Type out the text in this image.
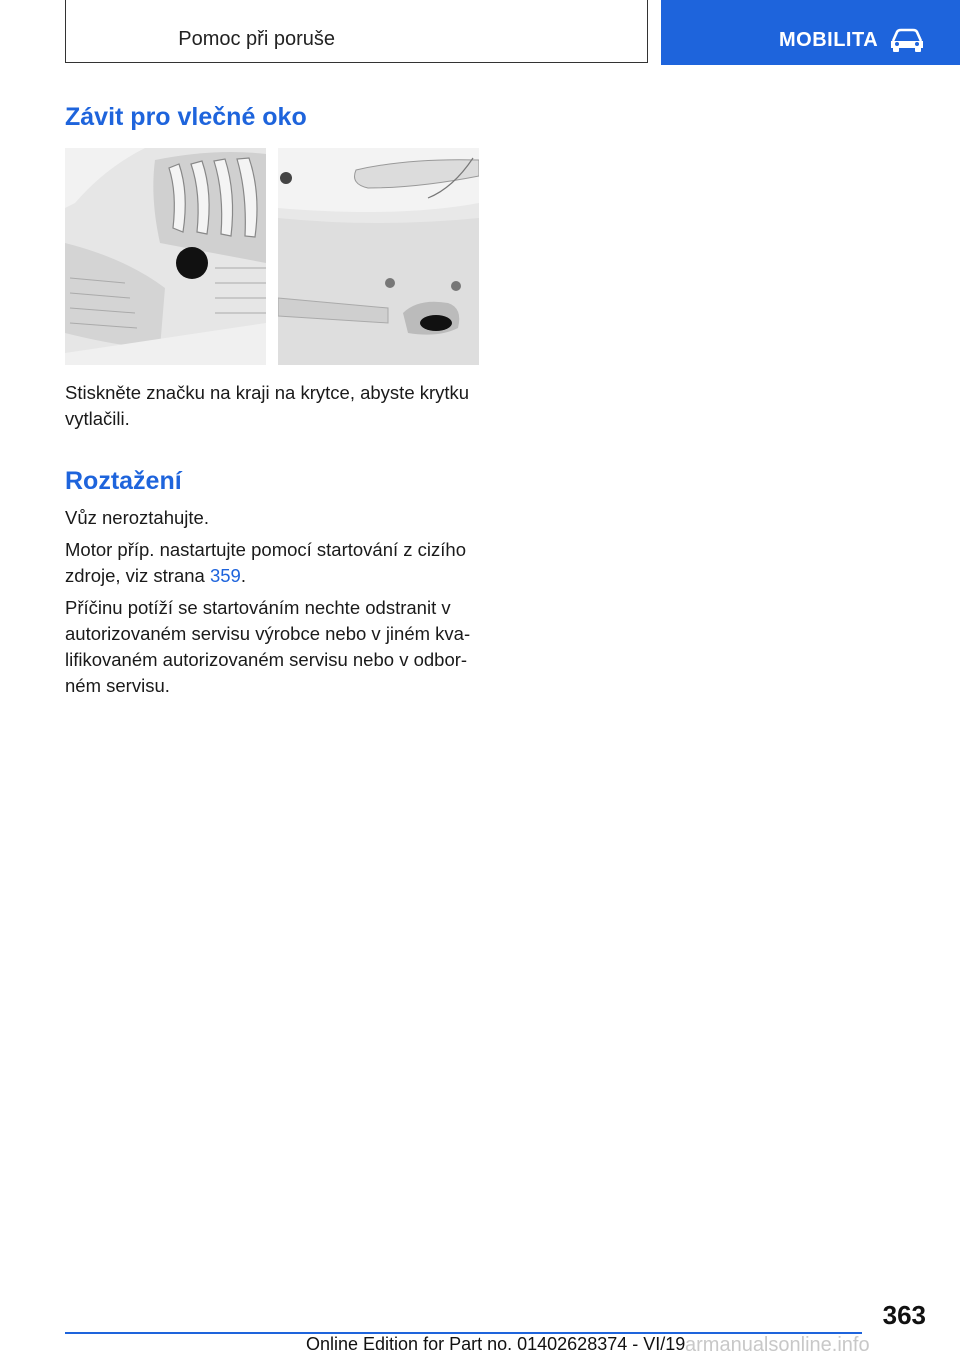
Pomoc při poruše	MOBILITA
Závit pro vlečné oko

Stiskněte značku na kraji na krytce, abyste krytku vytlačili.

Roztažení

Vůz neroztahujte.

Motor příp. nastartujte pomocí startování z cizího zdroje, viz strana 359.

Příčinu potíží se startováním nechte odstranit v autorizovaném servisu výrobce nebo v jiném kva-lifikovaném autorizovaném servisu nebo v odbor-ném servisu.

363
Online Edition for Part no. 01402628374 - VI/19 armanualsonline.info
